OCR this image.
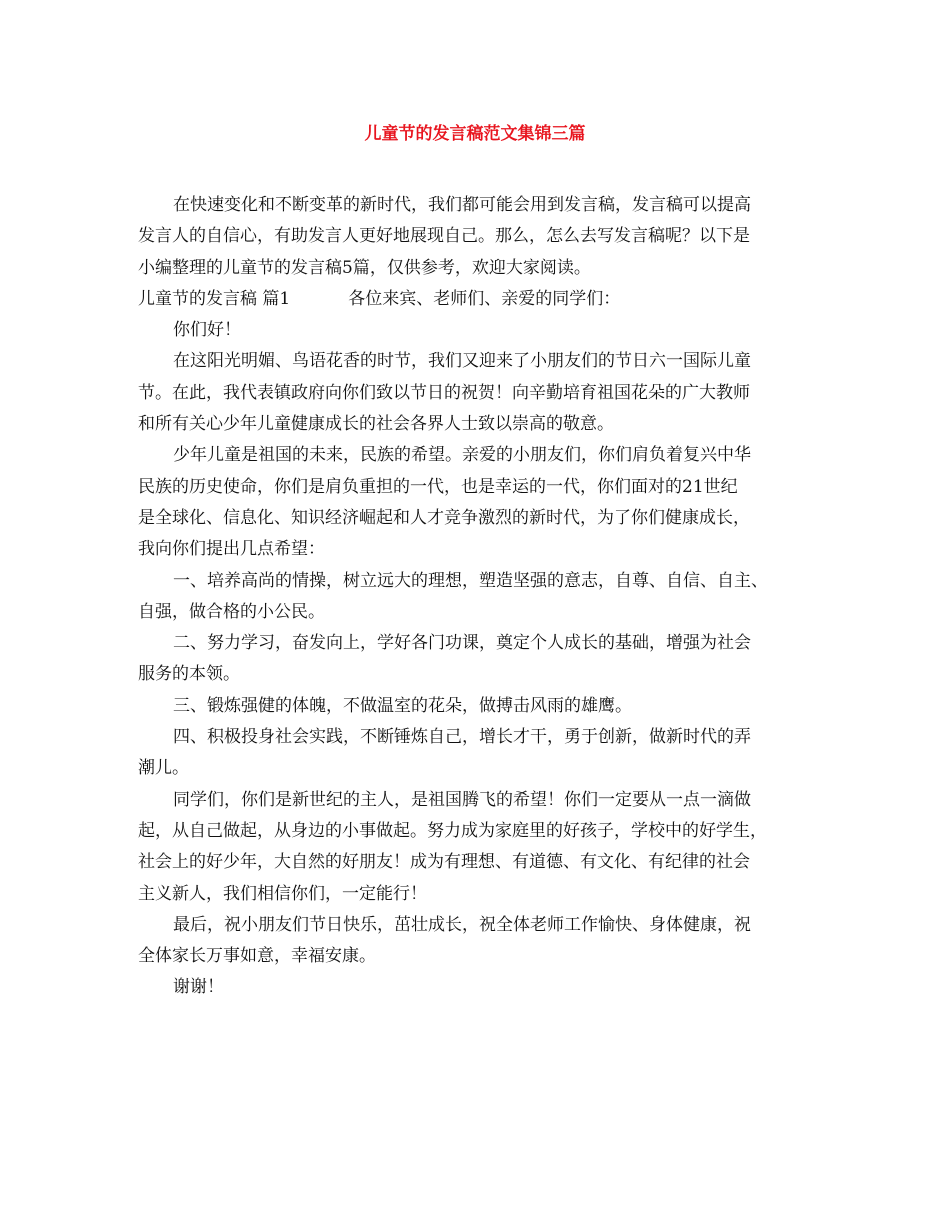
儿童节的发言稿范文集锦三篇

在快速变化和不断变革的新时代，我们都可能会用到发言稿，发言稿可以提高
发言人的自信心，有助发言人更好地展现自己。那么，怎么去写发言稿呢？以下是
小编整理的儿童节的发言稿5篇，仅供参考，欢迎大家阅读。

儿童节的发言稿 篇1	各位来宾、老师们、亲爱的同学们：

你们好！

在这阳光明媚、鸟语花香的时节，我们又迎来了小朋友们的节日六一国际儿童
节。在此，我代表镇政府向你们致以节日的祝贺！向辛勤培育祖国花朵的广大教师
和所有关心少年儿童健康成长的社会各界人士致以崇高的敬意。

少年儿童是祖国的未来，民族的希望。亲爱的小朋友们，你们肩负着复兴中华
民族的历史使命，你们是肩负重担的一代，也是幸运的一代，你们面对的21世纪
是全球化、信息化、知识经济崛起和人才竞争激烈的新时代，为了你们健康成长，
我向你们提出几点希望：

一、培养高尚的情操，树立远大的理想，塑造坚强的意志，自尊、自信、自主、
自强，做合格的小公民。

二、努力学习，奋发向上，学好各门功课，奠定个人成长的基础，增强为社会
服务的本领。

三、锻炼强健的体魄，不做温室的花朵，做搏击风雨的雄鹰。

四、积极投身社会实践，不断锤炼自己，增长才干，勇于创新，做新时代的弄
潮儿。

同学们，你们是新世纪的主人，是祖国腾飞的希望！你们一定要从一点一滴做
起，从自己做起，从身边的小事做起。努力成为家庭里的好孩子，学校中的好学生，
社会上的好少年，大自然的好朋友！成为有理想、有道德、有文化、有纪律的社会
主义新人，我们相信你们，一定能行！

最后，祝小朋友们节日快乐，茁壮成长，祝全体老师工作愉快、身体健康，祝
全体家长万事如意，幸福安康。

谢谢！
